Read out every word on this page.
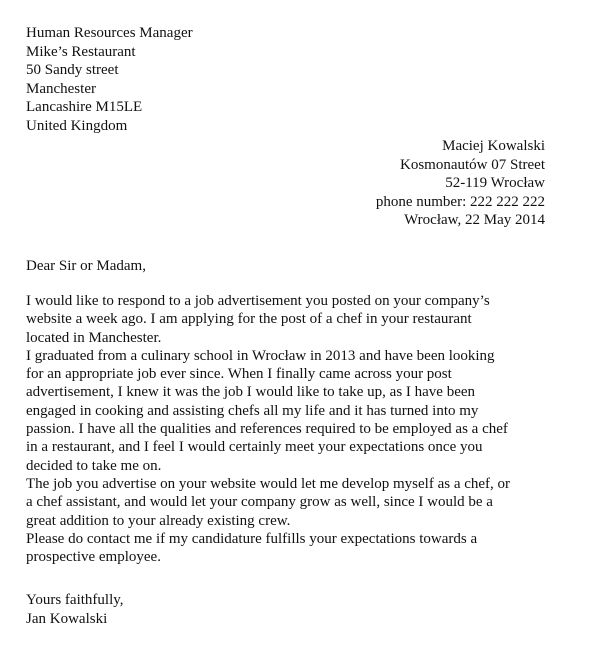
Human Resources Manager
Mike’s Restaurant
50 Sandy street
Manchester
Lancashire M15LE
United Kingdom
Maciej Kowalski
Kosmonautów 07 Street
52-119 Wrocław
phone number: 222 222 222
Wrocław, 22 May 2014
Dear Sir or Madam,
I would like to respond to a job advertisement you posted on your company’s
website a week ago. I am applying for the post of a chef in your restaurant
located in Manchester.
I graduated from a culinary school in Wrocław in 2013 and have been looking
for an appropriate job ever since. When I finally came across your post
advertisement, I knew it was the job I would like to take up, as I have been
engaged in cooking and assisting chefs all my life and it has turned into my
passion. I have all the qualities and references required to be employed as a chef
in a restaurant, and I feel I would certainly meet your expectations once you
decided to take me on.
The job you advertise on your website would let me develop myself as a chef, or
a chef assistant, and would let your company grow as well, since I would be a
great addition to your already existing crew.
Please do contact me if my candidature fulfills your expectations towards a
prospective employee.
Yours faithfully,
Jan Kowalski
